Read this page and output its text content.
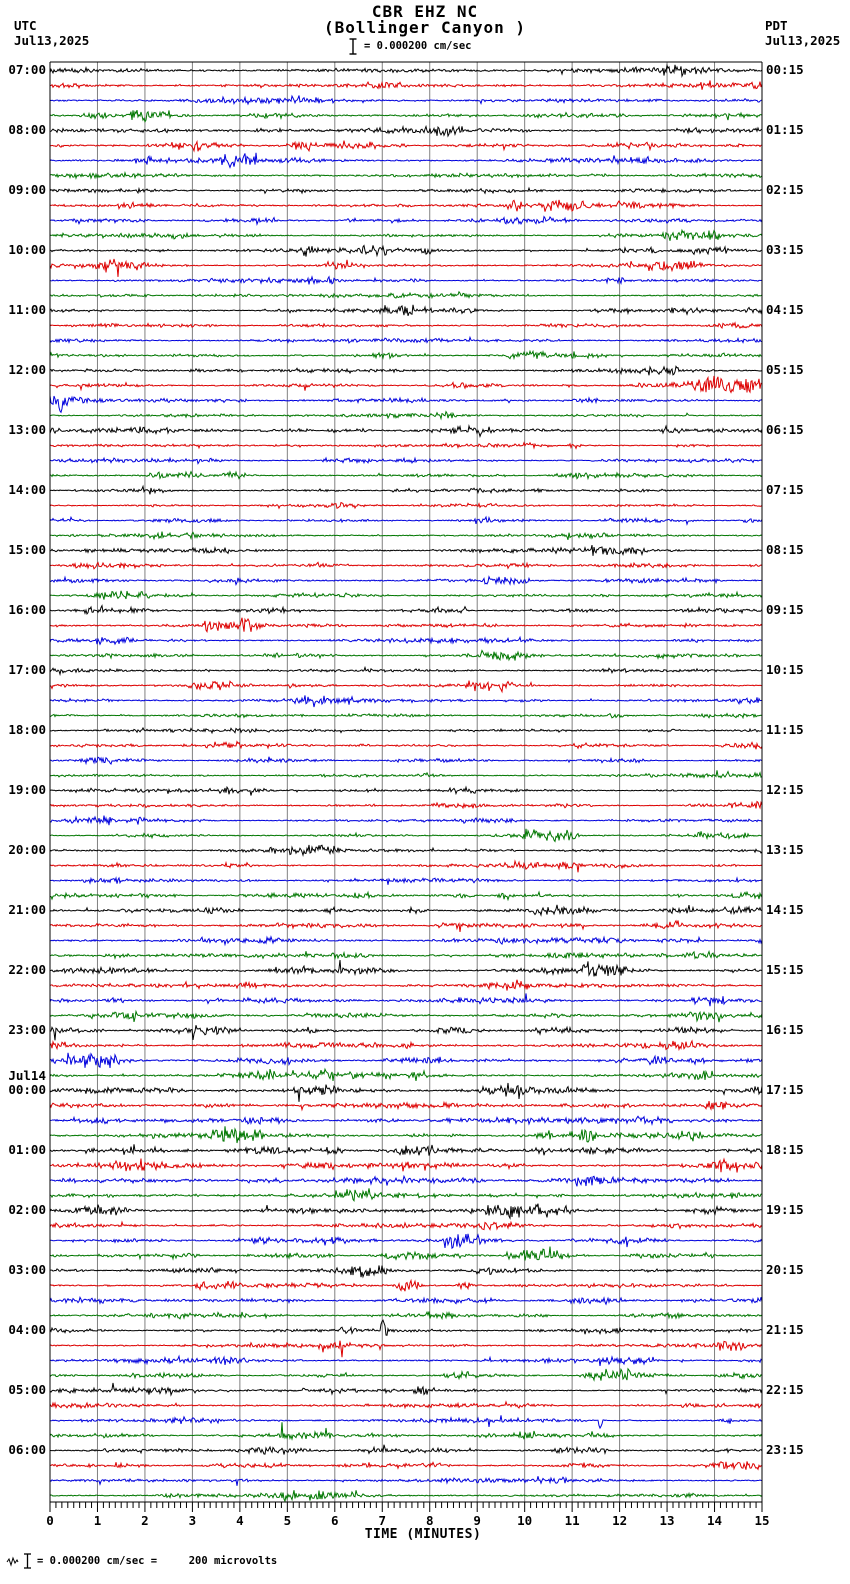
CBR EHZ NC
(Bollinger Canyon )
= 0.000200 cm/sec
UTC
Jul13,2025
PDT
Jul13,2025
07:00
08:00
09:00
10:00
11:00
12:00
13:00
14:00
15:00
16:00
17:00
18:00
19:00
20:00
21:00
22:00
23:00
Jul14
00:00
01:00
02:00
03:00
04:00
05:00
06:00
00:15
01:15
02:15
03:15
04:15
05:15
06:15
07:15
08:15
09:15
10:15
11:15
12:15
13:15
14:15
15:15
16:15
17:15
18:15
19:15
20:15
21:15
22:15
23:15
0	1	2	3	4	5	6	7	8	9	10	11	12	13	14	15
TIME (MINUTES)
= 0.000200 cm/sec =     200 microvolts
